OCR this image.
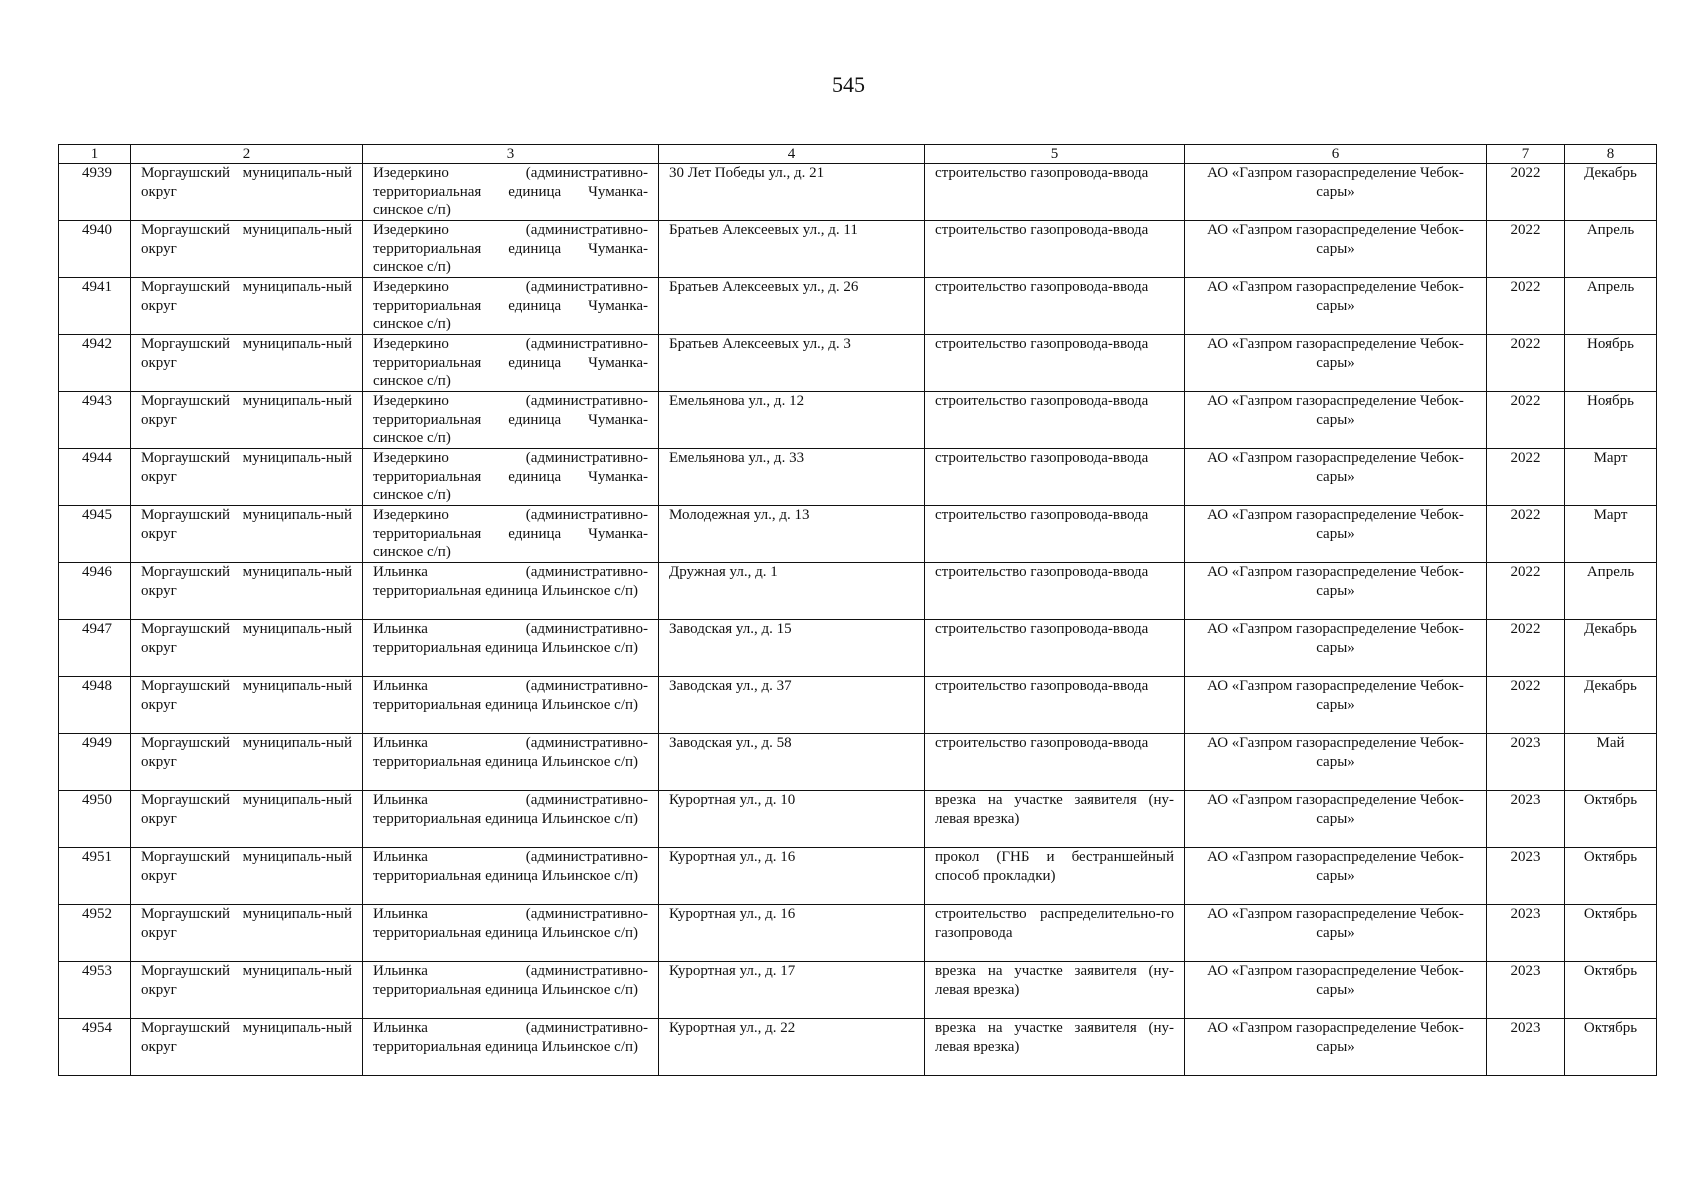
545
1	2	3	4	5	6	7	8
4939	Моргаушский муниципаль-ный округ	Изедеркино (административно-территориальная единица Чуманка-синское с/п)	30 Лет Победы ул., д. 21	строительство газопровода-ввода	АО «Газпром газораспределение Чебок-сары»	2022	Декабрь
4940	Моргаушский муниципаль-ный округ	Изедеркино (административно-территориальная единица Чуманка-синское с/п)	Братьев Алексеевых ул., д. 11	строительство газопровода-ввода	АО «Газпром газораспределение Чебок-сары»	2022	Апрель
4941	Моргаушский муниципаль-ный округ	Изедеркино (административно-территориальная единица Чуманка-синское с/п)	Братьев Алексеевых ул., д. 26	строительство газопровода-ввода	АО «Газпром газораспределение Чебок-сары»	2022	Апрель
4942	Моргаушский муниципаль-ный округ	Изедеркино (административно-территориальная единица Чуманка-синское с/п)	Братьев Алексеевых ул., д. 3	строительство газопровода-ввода	АО «Газпром газораспределение Чебок-сары»	2022	Ноябрь
4943	Моргаушский муниципаль-ный округ	Изедеркино (административно-территориальная единица Чуманка-синское с/п)	Емельянова ул., д. 12	строительство газопровода-ввода	АО «Газпром газораспределение Чебок-сары»	2022	Ноябрь
4944	Моргаушский муниципаль-ный округ	Изедеркино (административно-территориальная единица Чуманка-синское с/п)	Емельянова ул., д. 33	строительство газопровода-ввода	АО «Газпром газораспределение Чебок-сары»	2022	Март
4945	Моргаушский муниципаль-ный округ	Изедеркино (административно-территориальная единица Чуманка-синское с/п)	Молодежная ул., д. 13	строительство газопровода-ввода	АО «Газпром газораспределение Чебок-сары»	2022	Март
4946	Моргаушский муниципаль-ный округ	Ильинка (административно-территориальная единица Ильинское с/п)	Дружная ул., д. 1	строительство газопровода-ввода	АО «Газпром газораспределение Чебок-сары»	2022	Апрель
4947	Моргаушский муниципаль-ный округ	Ильинка (административно-территориальная единица Ильинское с/п)	Заводская ул., д. 15	строительство газопровода-ввода	АО «Газпром газораспределение Чебок-сары»	2022	Декабрь
4948	Моргаушский муниципаль-ный округ	Ильинка (административно-территориальная единица Ильинское с/п)	Заводская ул., д. 37	строительство газопровода-ввода	АО «Газпром газораспределение Чебок-сары»	2022	Декабрь
4949	Моргаушский муниципаль-ный округ	Ильинка (административно-территориальная единица Ильинское с/п)	Заводская ул., д. 58	строительство газопровода-ввода	АО «Газпром газораспределение Чебок-сары»	2023	Май
4950	Моргаушский муниципаль-ный округ	Ильинка (административно-территориальная единица Ильинское с/п)	Курортная ул., д. 10	врезка на участке заявителя (ну-левая врезка)	АО «Газпром газораспределение Чебок-сары»	2023	Октябрь
4951	Моргаушский муниципаль-ный округ	Ильинка (административно-территориальная единица Ильинское с/п)	Курортная ул., д. 16	прокол (ГНБ и бестраншейный способ прокладки)	АО «Газпром газораспределение Чебок-сары»	2023	Октябрь
4952	Моргаушский муниципаль-ный округ	Ильинка (административно-территориальная единица Ильинское с/п)	Курортная ул., д. 16	строительство распределительно-го газопровода	АО «Газпром газораспределение Чебок-сары»	2023	Октябрь
4953	Моргаушский муниципаль-ный округ	Ильинка (административно-территориальная единица Ильинское с/п)	Курортная ул., д. 17	врезка на участке заявителя (ну-левая врезка)	АО «Газпром газораспределение Чебок-сары»	2023	Октябрь
4954	Моргаушский муниципаль-ный округ	Ильинка (административно-территориальная единица Ильинское с/п)	Курортная ул., д. 22	врезка на участке заявителя (ну-левая врезка)	АО «Газпром газораспределение Чебок-сары»	2023	Октябрь
